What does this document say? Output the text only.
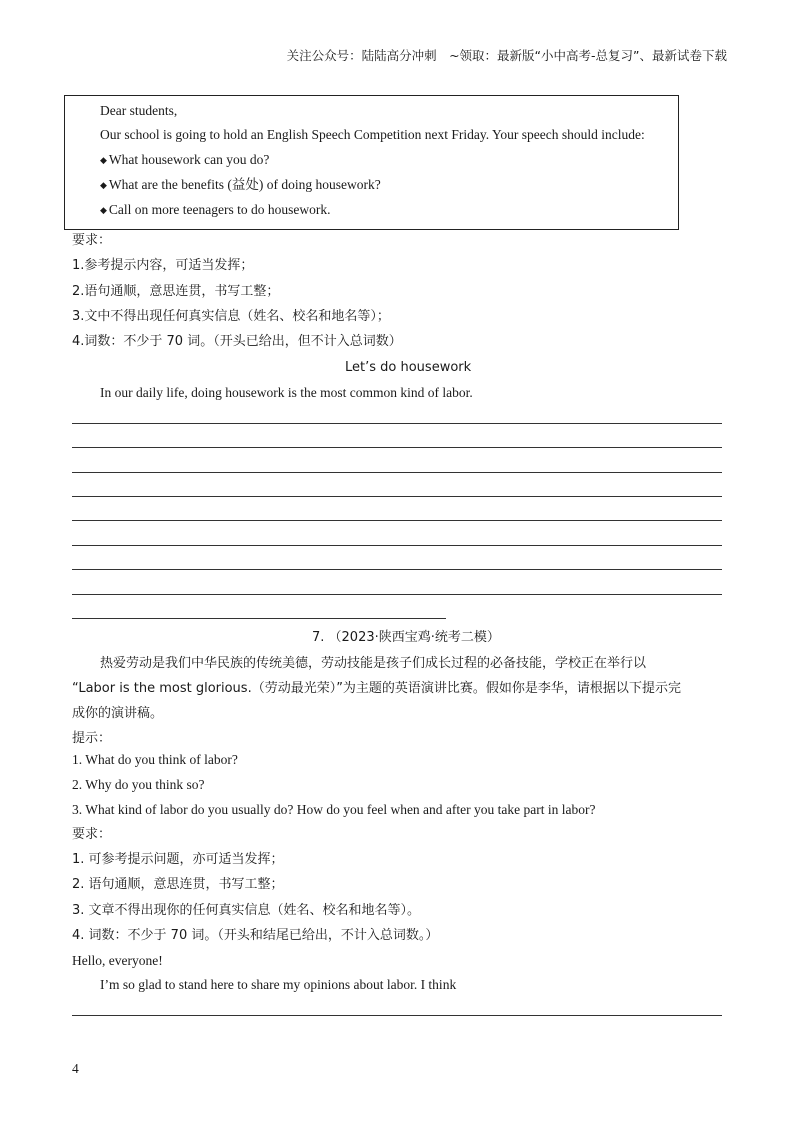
关注公众号：陆陆高分冲刺　~领取：最新版“小中高考-总复习”、最新试卷下载
Dear students,
Our school is going to hold an English Speech Competition next Friday. Your speech should include:
◆ What housework can you do?
◆ What are the benefits (益处) of doing housework?
◆ Call on more teenagers to do housework.
要求：
1.参考提示内容，可适当发挥；
2.语句通顺，意思连贯，书写工整；
3.文中不得出现任何真实信息（姓名、校名和地名等）；
4.词数：不少于 70 词。（开头已给出，但不计入总词数）
Let’s do housework
In our daily life, doing housework is the most common kind of labor.
7. （2023·陕西宝鸡·统考二模）
热爱劳动是我们中华民族的传统美德，劳动技能是孩子们成长过程的必备技能，学校正在举行以
“Labor is the most glorious.（劳动最光荣）”为主题的英语演讲比赛。假如你是李华，请根据以下提示完
成你的演讲稿。
提示：
1. What do you think of labor?
2. Why do you think so?
3. What kind of labor do you usually do? How do you feel when and after you take part in labor?
要求：
1. 可参考提示问题，亦可适当发挥；
2. 语句通顺，意思连贯，书写工整；
3. 文章不得出现你的任何真实信息（姓名、校名和地名等）。
4. 词数：不少于 70 词。（开头和结尾已给出，不计入总词数。）
Hello, everyone!
I’m so glad to stand here to share my opinions about labor. I think
4
